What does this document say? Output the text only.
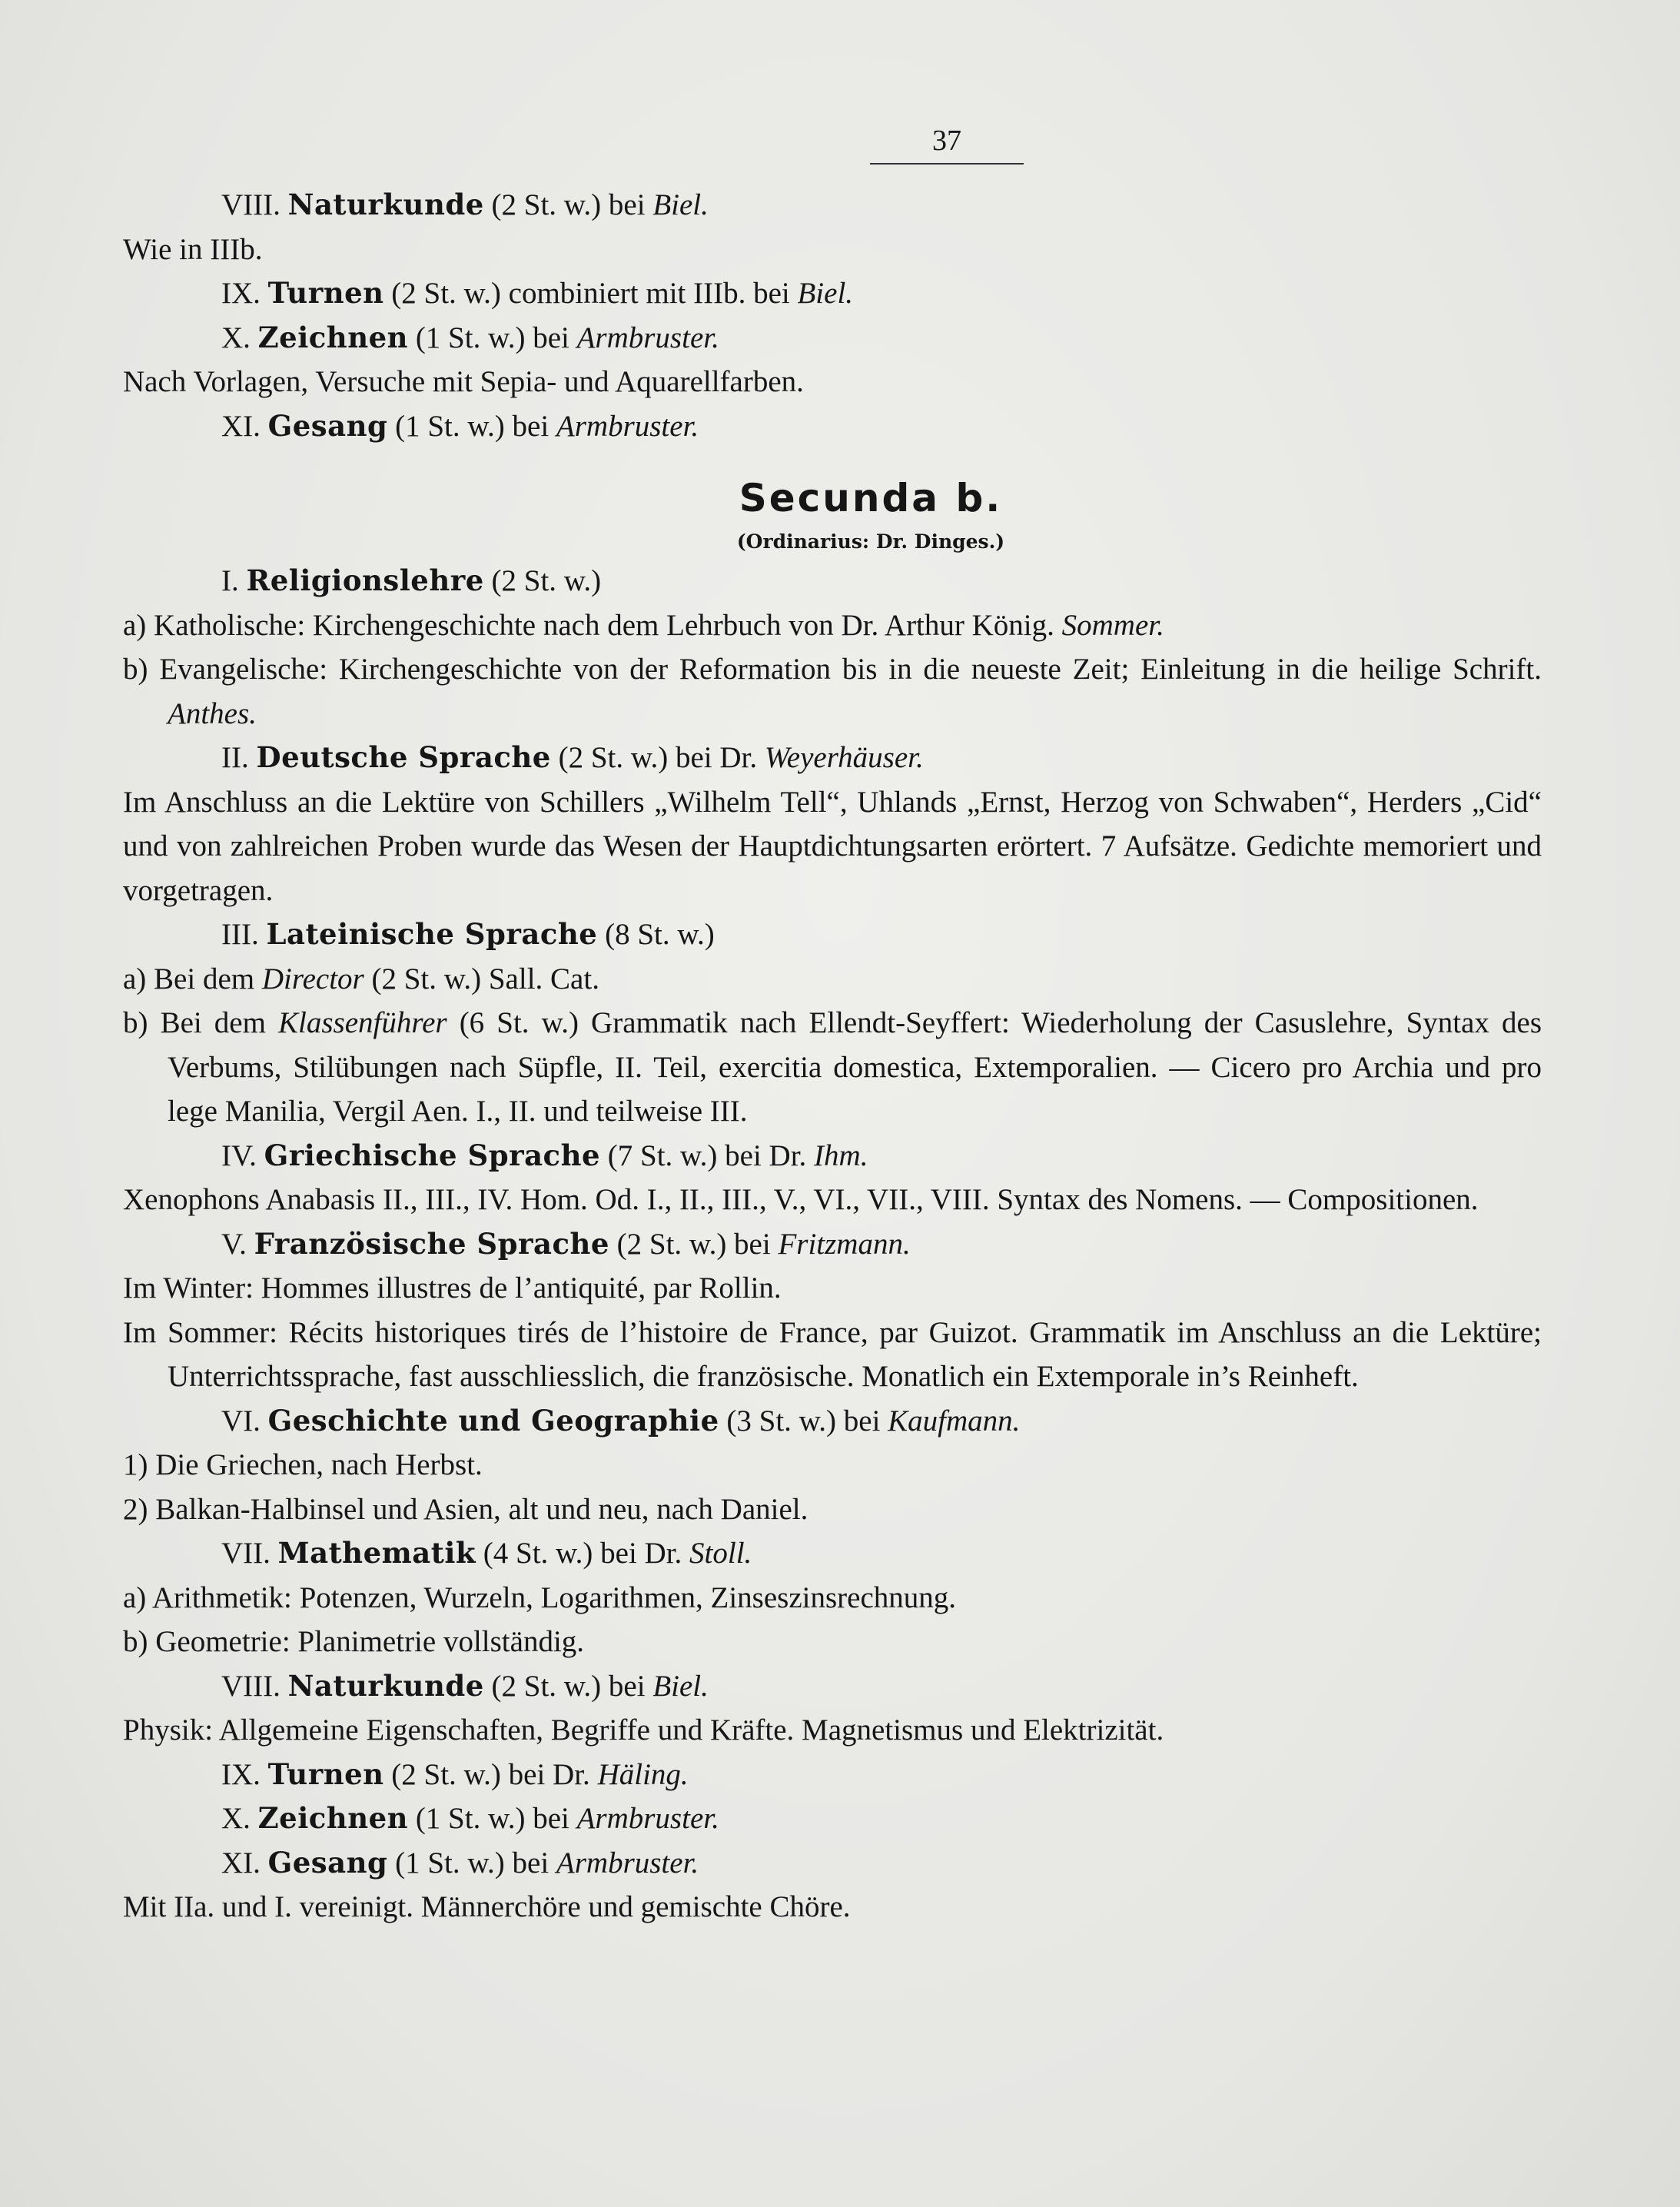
37
VIII. Naturkunde (2 St. w.) bei Biel.
Wie in IIIb.
IX. Turnen (2 St. w.) combiniert mit IIIb. bei Biel.
X. Zeichnen (1 St. w.) bei Armbruster.
Nach Vorlagen, Versuche mit Sepia- und Aquarellfarben.
XI. Gesang (1 St. w.) bei Armbruster.
Secunda b.
(Ordinarius: Dr. Dinges.)
I. Religionslehre (2 St. w.)
a) Katholische: Kirchengeschichte nach dem Lehrbuch von Dr. Arthur König. Sommer.
b) Evangelische: Kirchengeschichte von der Reformation bis in die neueste Zeit; Einleitung in die heilige Schrift. Anthes.
II. Deutsche Sprache (2 St. w.) bei Dr. Weyerhäuser.
Im Anschluss an die Lektüre von Schillers „Wilhelm Tell“, Uhlands „Ernst, Herzog von Schwaben“, Herders „Cid“ und von zahlreichen Proben wurde das Wesen der Hauptdichtungsarten erörtert. 7 Aufsätze. Gedichte memoriert und vorgetragen.
III. Lateinische Sprache (8 St. w.)
a) Bei dem Director (2 St. w.) Sall. Cat.
b) Bei dem Klassenführer (6 St. w.) Grammatik nach Ellendt-Seyffert: Wiederholung der Casuslehre, Syntax des Verbums, Stilübungen nach Süpfle, II. Teil, exercitia domestica, Extemporalien. — Cicero pro Archia und pro lege Manilia, Vergil Aen. I., II. und teilweise III.
IV. Griechische Sprache (7 St. w.) bei Dr. Ihm.
Xenophons Anabasis II., III., IV. Hom. Od. I., II., III., V., VI., VII., VIII. Syntax des Nomens. — Compositionen.
V. Französische Sprache (2 St. w.) bei Fritzmann.
Im Winter: Hommes illustres de l’antiquité, par Rollin.
Im Sommer: Récits historiques tirés de l’histoire de France, par Guizot. Grammatik im Anschluss an die Lektüre; Unterrichtssprache, fast ausschliesslich, die französische. Monatlich ein Extemporale in’s Reinheft.
VI. Geschichte und Geographie (3 St. w.) bei Kaufmann.
1) Die Griechen, nach Herbst.
2) Balkan-Halbinsel und Asien, alt und neu, nach Daniel.
VII. Mathematik (4 St. w.) bei Dr. Stoll.
a) Arithmetik: Potenzen, Wurzeln, Logarithmen, Zinseszinsrechnung.
b) Geometrie: Planimetrie vollständig.
VIII. Naturkunde (2 St. w.) bei Biel.
Physik: Allgemeine Eigenschaften, Begriffe und Kräfte. Magnetismus und Elektrizität.
IX. Turnen (2 St. w.) bei Dr. Häling.
X. Zeichnen (1 St. w.) bei Armbruster.
XI. Gesang (1 St. w.) bei Armbruster.
Mit IIa. und I. vereinigt. Männerchöre und gemischte Chöre.
